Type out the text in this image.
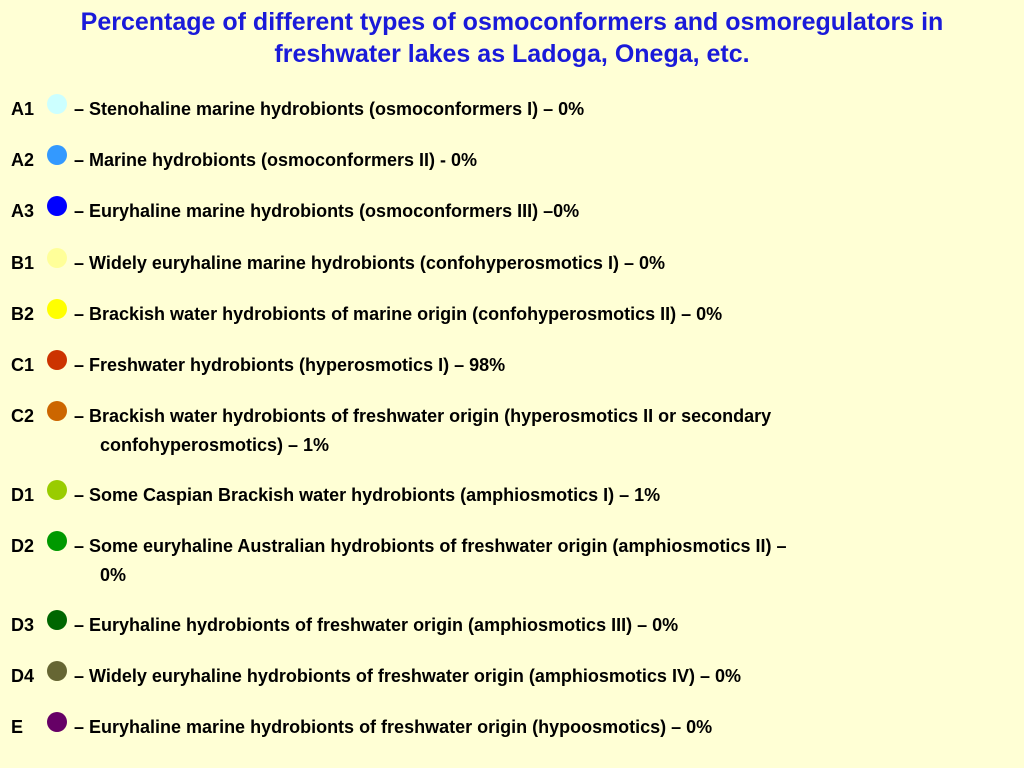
Percentage of different types of osmoconformers and osmoregulators in
freshwater lakes as Ladoga, Onega, etc.
A1 – Stenohaline marine hydrobionts (osmoconformers I) – 0%
A2 – Marine hydrobionts (osmoconformers II) - 0%
A3 – Euryhaline marine hydrobionts (osmoconformers III) –0%
B1 – Widely euryhaline marine hydrobionts (confohyperosmotics I) – 0%
B2 – Brackish water hydrobionts of marine origin (confohyperosmotics II) – 0%
C1 – Freshwater hydrobionts (hyperosmotics I) – 98%
C2 – Brackish water hydrobionts of freshwater origin (hyperosmotics II or secondary
confohyperosmotics) – 1%
D1 – Some Caspian Brackish water hydrobionts (amphiosmotics I) – 1%
D2 – Some euryhaline Australian hydrobionts of freshwater origin (amphiosmotics II) –
0%
D3 – Euryhaline hydrobionts of freshwater origin (amphiosmotics III) – 0%
D4 – Widely euryhaline hydrobionts of freshwater origin (amphiosmotics IV) – 0%
E	– Euryhaline marine hydrobionts of freshwater origin (hypoosmotics) – 0%
